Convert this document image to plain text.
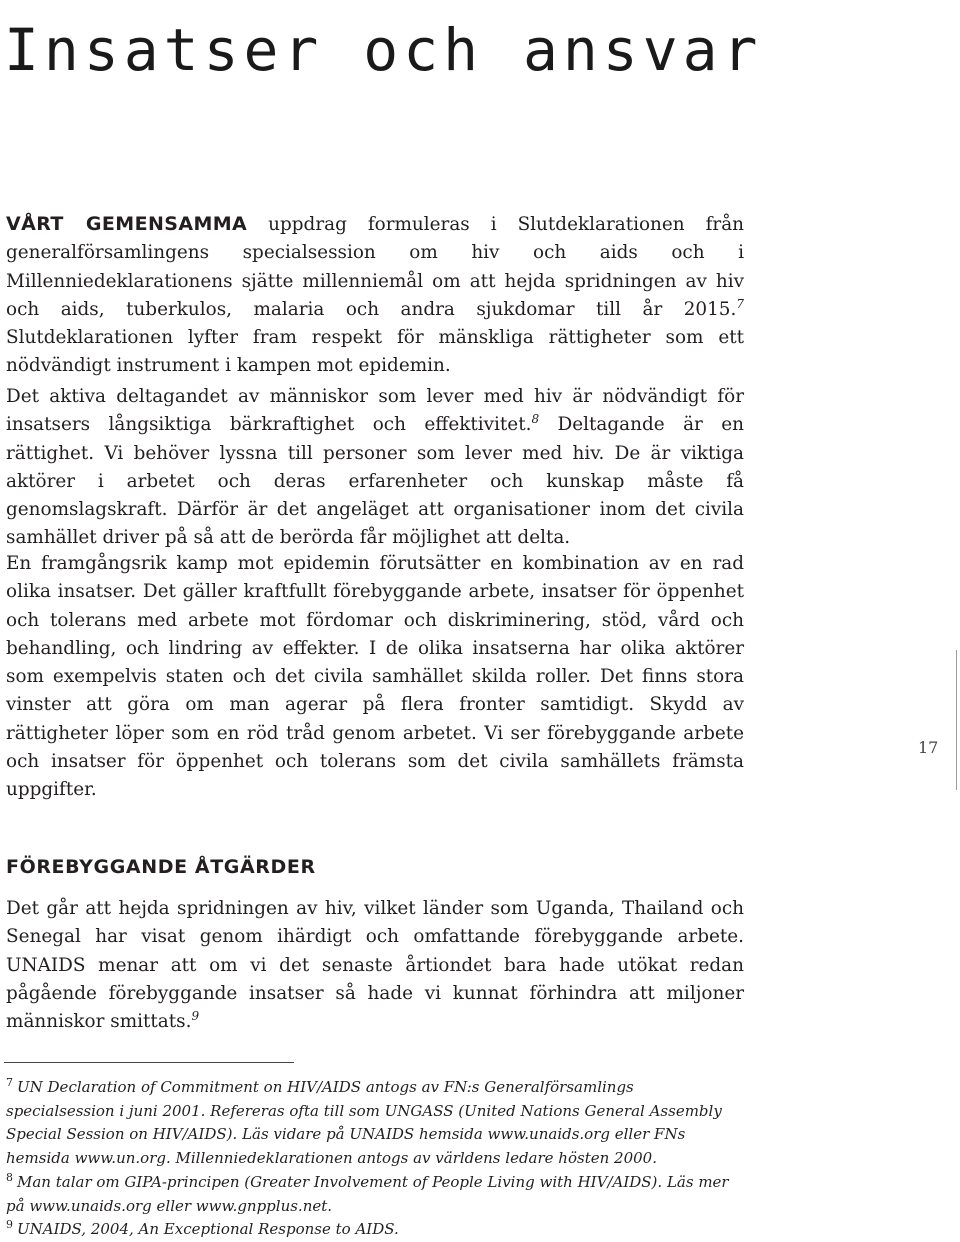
Insatser och ansvar

VÅRT GEMENSAMMA uppdrag formuleras i Slutdeklarationen från generalförsamlingens specialsession om hiv och aids och i Millenniedeklarationens sjätte millenniemål om att hejda spridningen av hiv och aids, tuberkulos, malaria och andra sjukdomar till år 2015.$^7$ Slutdeklarationen lyfter fram respekt för mänskliga rättigheter som ett nödvändigt instrument i kampen mot epidemin.

Det aktiva deltagandet av människor som lever med hiv är nödvändigt för insatsers långsiktiga bärkraftighet och effektivitet.$^8$ Deltagande är en rättighet. Vi behöver lyssna till personer som lever med hiv. De är viktiga aktörer i arbetet och deras erfarenheter och kunskap måste få genomslagskraft. Därför är det angeläget att organisationer inom det civila samhället driver på så att de berörda får möjlighet att delta.

En framgångsrik kamp mot epidemin förutsätter en kombination av en rad olika insatser. Det gäller kraftfullt förebyggande arbete, insatser för öppenhet och tolerans med arbete mot fördomar och diskriminering, stöd, vård och behandling, och lindring av effekter. I de olika insatserna har olika aktörer som exempelvis staten och det civila samhället skilda roller. Det finns stora vinster att göra om man agerar på flera fronter samtidigt. Skydd av rättigheter löper som en röd tråd genom arbetet. Vi ser förebyggande arbete och insatser för öppenhet och tolerans som det civila samhällets främsta uppgifter.

FÖREBYGGANDE ÅTGÄRDER

Det går att hejda spridningen av hiv, vilket länder som Uganda, Thailand och Senegal har visat genom ihärdigt och omfattande förebyggande arbete. UNAIDS menar att om vi det senaste årtiondet bara hade utökat redan pågående förebyggande insatser så hade vi kunnat förhindra att miljoner människor smittats.$^9$

$^7$ UN Declaration of Commitment on HIV/AIDS antogs av FN:s Generalförsamlings specialsession i juni 2001. Refereras ofta till som UNGASS (United Nations General Assembly Special Session on HIV/AIDS). Läs vidare på UNAIDS hemsida www.unaids.org eller FNs hemsida www.un.org. Millenniedeklarationen antogs av världens ledare hösten 2000.
$^8$ Man talar om GIPA-principen (Greater Involvement of People Living with HIV/AIDS). Läs mer på www.unaids.org eller www.gnpplus.net.
$^9$ UNAIDS, 2004, An Exceptional Response to AIDS.
17
